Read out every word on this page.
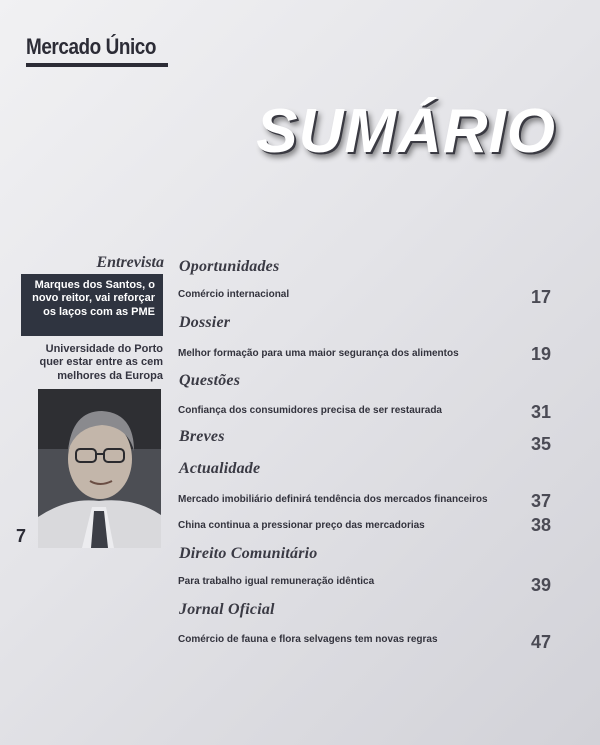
Mercado Único
SUMÁRIO
Entrevista
Marques dos Santos, o novo reitor, vai reforçar os laços com as PME
Universidade do Porto quer estar entre as cem melhores da Europa
7
Oportunidades
Comércio internacional	17
Dossier
Melhor formação para uma maior segurança dos alimentos	19
Questões
Confiança dos consumidores precisa de ser restaurada	31
Breves	35
Actualidade
Mercado imobiliário definirá tendência dos mercados financeiros 37
China continua a pressionar preço das mercadorias	38
Direito Comunitário
Para trabalho igual remuneração idêntica	39
Jornal Oficial
Comércio de fauna e flora selvagens tem novas regras	47
